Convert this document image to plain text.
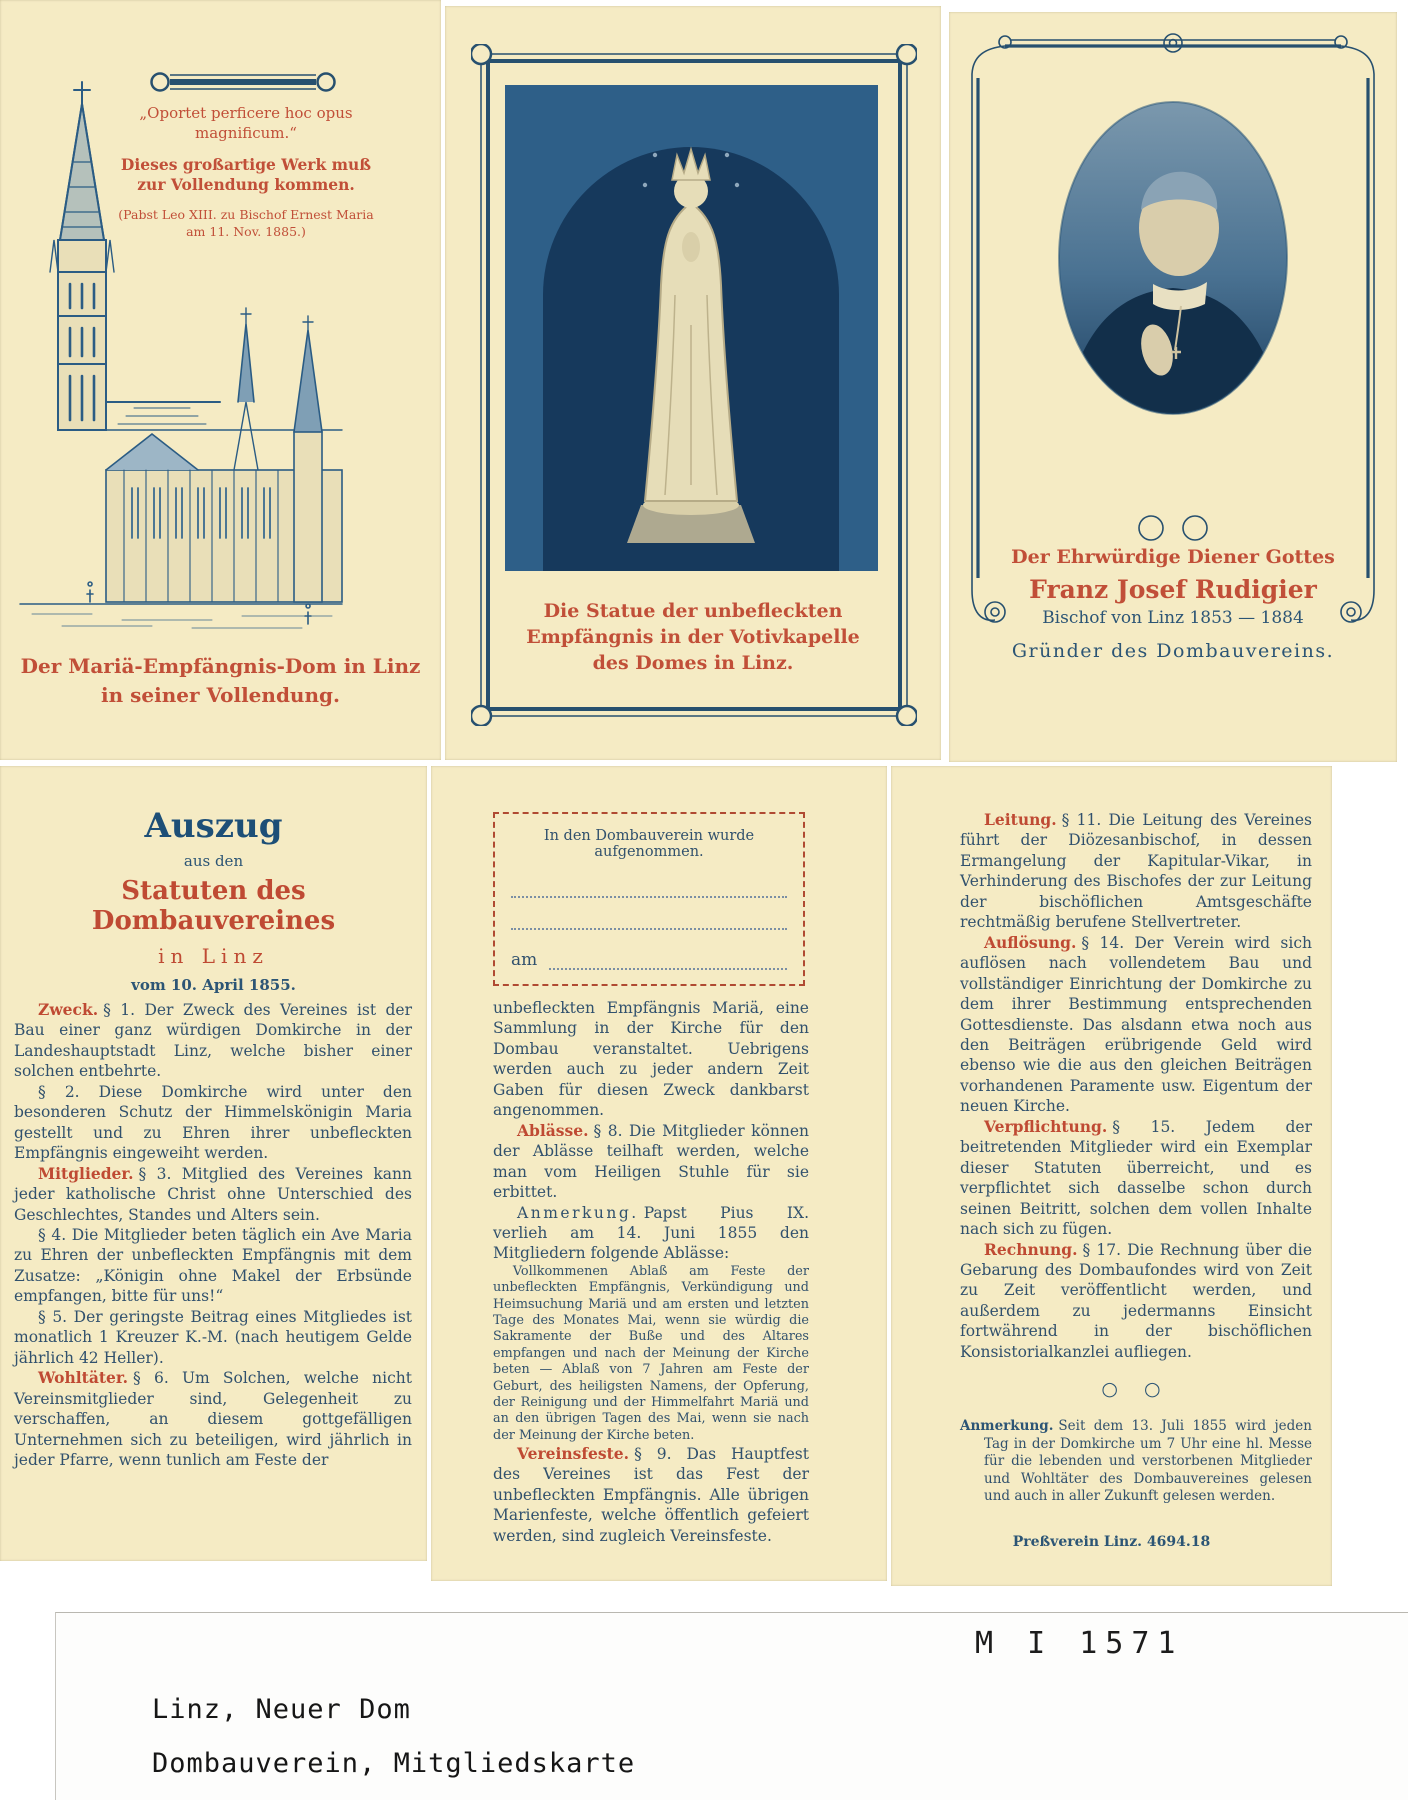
„Oportet perficere hoc opus magnificum.“

Dieses großartige Werk muß zur Vollendung kommen.

(Pabst Leo XIII. zu Bischof Ernest Maria am 11. Nov. 1885.)

Der Mariä-Empfängnis-Dom in Linz
in seiner Vollendung.
Die Statue der unbefleckten
Empfängnis in der Votivkapelle
des Domes in Linz.

Der Ehrwürdige Diener Gottes

Franz Josef Rudigier

Bischof von Linz 1853 — 1884

Gründer des Dombauvereins.

Auszug
aus den
Statuten des Dombauvereines
in Linz
vom 10. April 1855.

Zweck. § 1. Der Zweck des Vereines ist der Bau einer ganz würdigen Domkirche in der Landeshauptstadt Linz, welche bisher einer solchen entbehrte.

§ 2. Diese Domkirche wird unter den besonderen Schutz der Himmelskönigin Maria gestellt und zu Ehren ihrer unbefleckten Empfängnis eingeweiht werden.

Mitglieder. § 3. Mitglied des Vereines kann jeder katholische Christ ohne Unterschied des Geschlechtes, Standes und Alters sein.

§ 4. Die Mitglieder beten täglich ein Ave Maria zu Ehren der unbefleckten Empfängnis mit dem Zusatze: „Königin ohne Makel der Erbsünde empfangen, bitte für uns!“

§ 5. Der geringste Beitrag eines Mitgliedes ist monatlich 1 Kreuzer K.-M. (nach heutigem Gelde jährlich 42 Heller).

Wohltäter. § 6. Um Solchen, welche nicht Vereinsmitglieder sind, Gelegenheit zu verschaffen, an diesem gottgefälligen Unternehmen sich zu beteiligen, wird jährlich in jeder Pfarre, wenn tunlich am Feste der

In den Dombauverein wurde aufgenommen.

am

unbefleckten Empfängnis Mariä, eine Sammlung in der Kirche für den Dombau veranstaltet. Uebrigens werden auch zu jeder andern Zeit Gaben für diesen Zweck dankbarst angenommen.

Ablässe. § 8. Die Mitglieder können der Ablässe teilhaft werden, welche man vom Heiligen Stuhle für sie erbittet.

Anmerkung. Papst Pius IX. verlieh am 14. Juni 1855 den Mitgliedern folgende Ablässe:

Vollkommenen Ablaß am Feste der unbefleckten Empfängnis, Verkündigung und Heimsuchung Mariä und am ersten und letzten Tage des Monates Mai, wenn sie würdig die Sakramente der Buße und des Altares empfangen und nach der Meinung der Kirche beten — Ablaß von 7 Jahren am Feste der Geburt, des heiligsten Namens, der Opferung, der Reinigung und der Himmelfahrt Mariä und an den übrigen Tagen des Mai, wenn sie nach der Meinung der Kirche beten.

Vereinsfeste. § 9. Das Hauptfest des Vereines ist das Fest der unbefleckten Empfängnis. Alle übrigen Marienfeste, welche öffentlich gefeiert werden, sind zugleich Vereinsfeste.

Leitung. § 11. Die Leitung des Vereines führt der Diözesanbischof, in dessen Ermangelung der Kapitular-Vikar, in Verhinderung des Bischofes der zur Leitung der bischöflichen Amtsgeschäfte rechtmäßig berufene Stellvertreter.

Auflösung. § 14. Der Verein wird sich auflösen nach vollendetem Bau und vollständiger Einrichtung der Domkirche zu dem ihrer Bestimmung entsprechenden Gottesdienste. Das alsdann etwa noch aus den Beiträgen erübrigende Geld wird ebenso wie die aus den gleichen Beiträgen vorhandenen Paramente usw. Eigentum der neuen Kirche.

Verpflichtung. § 15. Jedem der beitretenden Mitglieder wird ein Exemplar dieser Statuten überreicht, und es verpflichtet sich dasselbe schon durch seinen Beitritt, solchen dem vollen Inhalte nach sich zu fügen.

Rechnung. § 17. Die Rechnung über die Gebarung des Dombaufondes wird von Zeit zu Zeit veröffentlicht werden, und außerdem zu jedermanns Einsicht fortwährend in der bischöflichen Konsistorialkanzlei aufliegen.

○ ○

Anmerkung. Seit dem 13. Juli 1855 wird jeden Tag in der Domkirche um 7 Uhr eine hl. Messe für die lebenden und verstorbenen Mitglieder und Wohltäter des Dombauvereines gelesen und auch in aller Zukunft gelesen werden.

Preßverein Linz. 4694.18
M I 1571
Linz, Neuer Dom
Dombauverein, Mitgliedskarte
